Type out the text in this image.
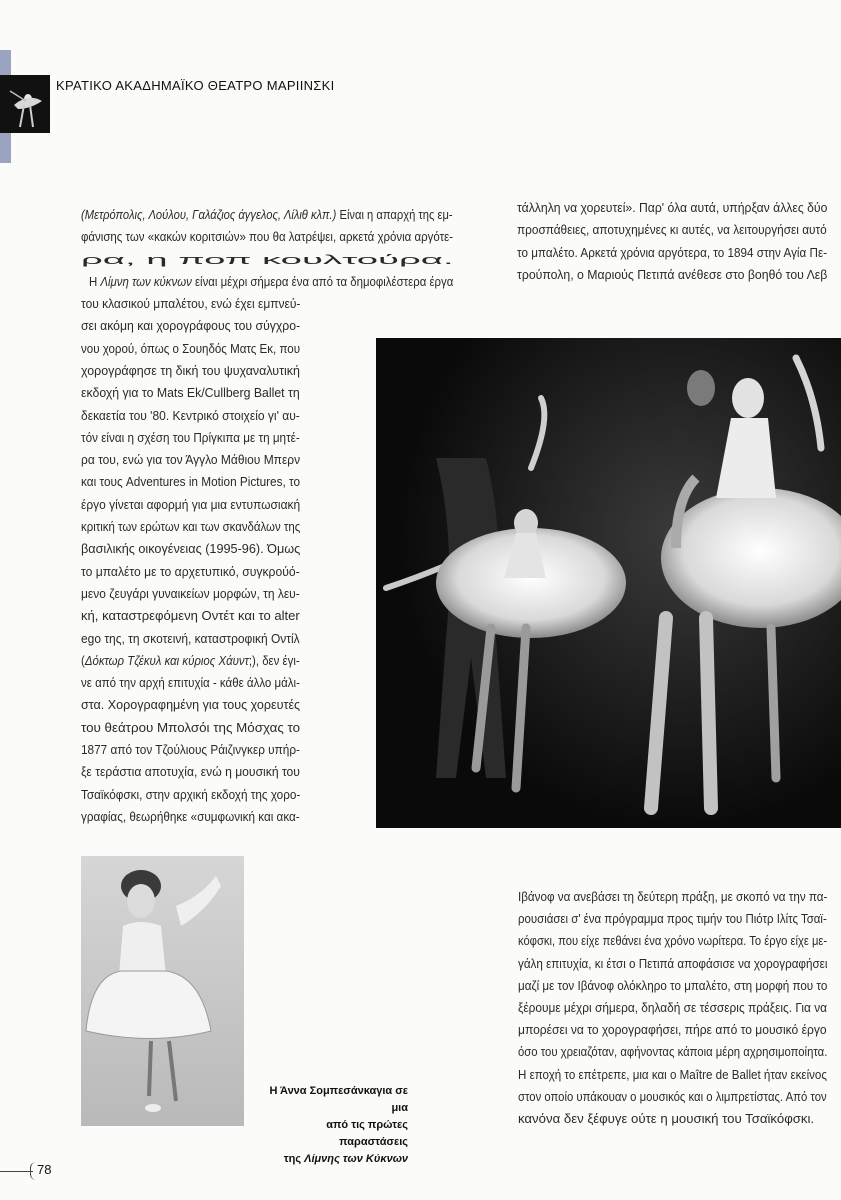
ΚΡΑΤΙΚΟ ΑΚΑΔΗΜΑΪΚΟ ΘΕΑΤΡΟ ΜΑΡΙΙΝΣΚΙ
(Μετρόπολις, Λούλου, Γαλάζιος άγγελος, Λίλιθ κλπ.) Είναι η απαρχή της εμ-
φάνισης των «κακών κοριτσιών» που θα λατρέψει, αρκετά χρόνια αργότε-
ρα, η ποπ κουλτούρα.
Η Λίμνη των κύκνων είναι μέχρι σήμερα ένα από τα δημοφιλέστερα έργα
του κλασικού μπαλέτου, ενώ έχει εμπνεύ-
σει ακόμη και χορογράφους του σύγχρο-
νου χορού, όπως ο Σουηδός Ματς Εκ, που
χορογράφησε τη δική του ψυχαναλυτική
εκδοχή για το Mats Ek/Cullberg Ballet τη
δεκαετία του '80. Κεντρικό στοιχείο γι' αυ-
τόν είναι η σχέση του Πρίγκιπα με τη μητέ-
ρα του, ενώ για τον Άγγλο Μάθιου Μπερν
και τους Adventures in Motion Pictures, το
έργο γίνεται αφορμή για μια εντυπωσιακή
κριτική των ερώτων και των σκανδάλων της
βασιλικής οικογένειας (1995-96). Όμως
το μπαλέτο με το αρχετυπικό, συγκρούό-
μενο ζευγάρι γυναικείων μορφών, τη λευ-
κή, καταστρεφόμενη Οντέτ και το alter
ego της, τη σκοτεινή, καταστροφική Οντίλ
(Δόκτωρ Τζέκυλ και κύριος Χάυντ;), δεν έγι-
νε από την αρχή επιτυχία - κάθε άλλο μάλι-
στα. Χορογραφημένη για τους χορευτές
του θεάτρου Μπολσόι της Μόσχας το
1877 από τον Τζούλιους Ράιζινγκερ υπήρ-
ξε τεράστια αποτυχία, ενώ η μουσική του
Τσαϊκόφσκι, στην αρχική εκδοχή της χορο-
γραφίας, θεωρήθηκε «συμφωνική και ακα-
τάλληλη να χορευτεί». Παρ' όλα αυτά, υπήρξαν άλλες δύο
προσπάθειες, αποτυχημένες κι αυτές, να λειτουργήσει αυτό
το μπαλέτο. Αρκετά χρόνια αργότερα, το 1894 στην Αγία Πε-
τρούπολη, ο Μαριούς Πετιπά ανέθεσε στο βοηθό του Λεβ
Ιβάνοφ να ανεβάσει τη δεύτερη πράξη, με σκοπό να την πα-
ρουσιάσει σ' ένα πρόγραμμα προς τιμήν του Πιότρ Ιλίτς Τσαϊ-
κόφσκι, που είχε πεθάνει ένα χρόνο νωρίτερα. Το έργο είχε με-
γάλη επιτυχία, κι έτσι ο Πετιπά αποφάσισε να χορογραφήσει
μαζί με τον Ιβάνοφ ολόκληρο το μπαλέτο, στη μορφή που το
ξέρουμε μέχρι σήμερα, δηλαδή σε τέσσερις πράξεις. Για να
μπορέσει να το χορογραφήσει, πήρε από το μουσικό έργο
όσο του χρειαζόταν, αφήνοντας κάποια μέρη αχρησιμοποίητα.
Η εποχή το επέτρεπε, μια και ο Maître de Ballet ήταν εκείνος
στον οποίο υπάκουαν ο μουσικός και ο λιμπρετίστας. Από τον
κανόνα δεν ξέφυγε ούτε η μουσική του Τσαϊκόφσκι.
Η Άννα Σομπεσάνκαγια σε μια
από τις πρώτες παραστάσεις
της Λίμνης των Κύκνων
78
